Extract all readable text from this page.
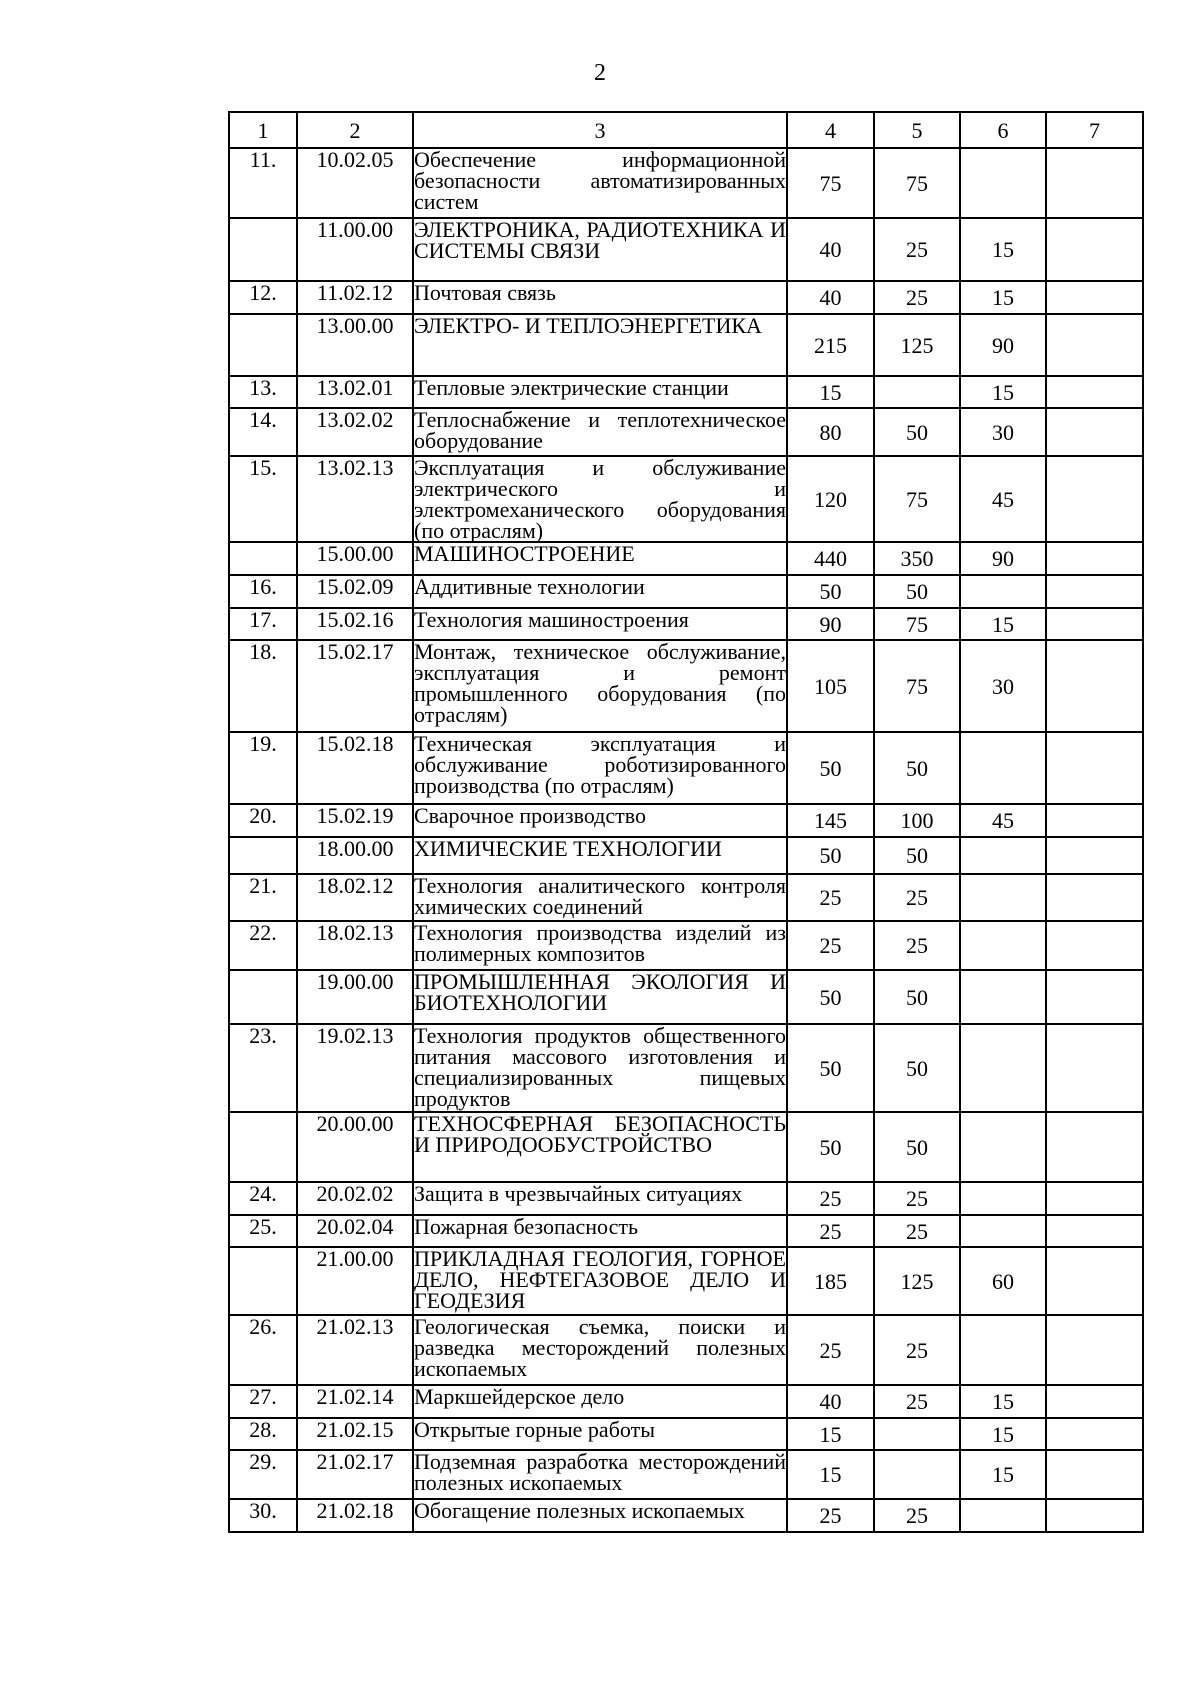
2
1	2	3	4	5	6	7
11.	10.02.05	Обеспечение информационной безопасности автоматизированных систем	75	75		
	11.00.00	ЭЛЕКТРОНИКА, РАДИОТЕХНИКА И СИСТЕМЫ СВЯЗИ	40	25	15	
12.	11.02.12	Почтовая связь	40	25	15	
	13.00.00	ЭЛЕКТРО- И ТЕПЛОЭНЕРГЕТИКА	215	125	90	
13.	13.02.01	Тепловые электрические станции	15		15	
14.	13.02.02	Теплоснабжение и теплотехническое оборудование	80	50	30	
15.	13.02.13	Эксплуатация и обслуживание электрического и электромеханического оборудования (по отраслям)	120	75	45	
	15.00.00	МАШИНОСТРОЕНИЕ	440	350	90	
16.	15.02.09	Аддитивные технологии	50	50		
17.	15.02.16	Технология машиностроения	90	75	15	
18.	15.02.17	Монтаж, техническое обслуживание, эксплуатация и ремонт промышленного оборудования (по отраслям)	105	75	30	
19.	15.02.18	Техническая эксплуатация и обслуживание роботизированного производства (по отраслям)	50	50		
20.	15.02.19	Сварочное производство	145	100	45	
	18.00.00	ХИМИЧЕСКИЕ ТЕХНОЛОГИИ	50	50		
21.	18.02.12	Технология аналитического контроля химических соединений	25	25		
22.	18.02.13	Технология производства изделий из полимерных композитов	25	25		
	19.00.00	ПРОМЫШЛЕННАЯ ЭКОЛОГИЯ И БИОТЕХНОЛОГИИ	50	50		
23.	19.02.13	Технология продуктов общественного питания массового изготовления и специализированных пищевых продуктов	50	50		
	20.00.00	ТЕХНОСФЕРНАЯ БЕЗОПАСНОСТЬ И ПРИРОДООБУСТРОЙСТВО	50	50		
24.	20.02.02	Защита в чрезвычайных ситуациях	25	25		
25.	20.02.04	Пожарная безопасность	25	25		
	21.00.00	ПРИКЛАДНАЯ ГЕОЛОГИЯ, ГОРНОЕ ДЕЛО, НЕФТЕГАЗОВОЕ ДЕЛО И ГЕОДЕЗИЯ	185	125	60	
26.	21.02.13	Геологическая съемка, поиски и разведка месторождений полезных ископаемых	25	25		
27.	21.02.14	Маркшейдерское дело	40	25	15	
28.	21.02.15	Открытые горные работы	15		15	
29.	21.02.17	Подземная разработка месторождений полезных ископаемых	15		15	
30.	21.02.18	Обогащение полезных ископаемых	25	25		
